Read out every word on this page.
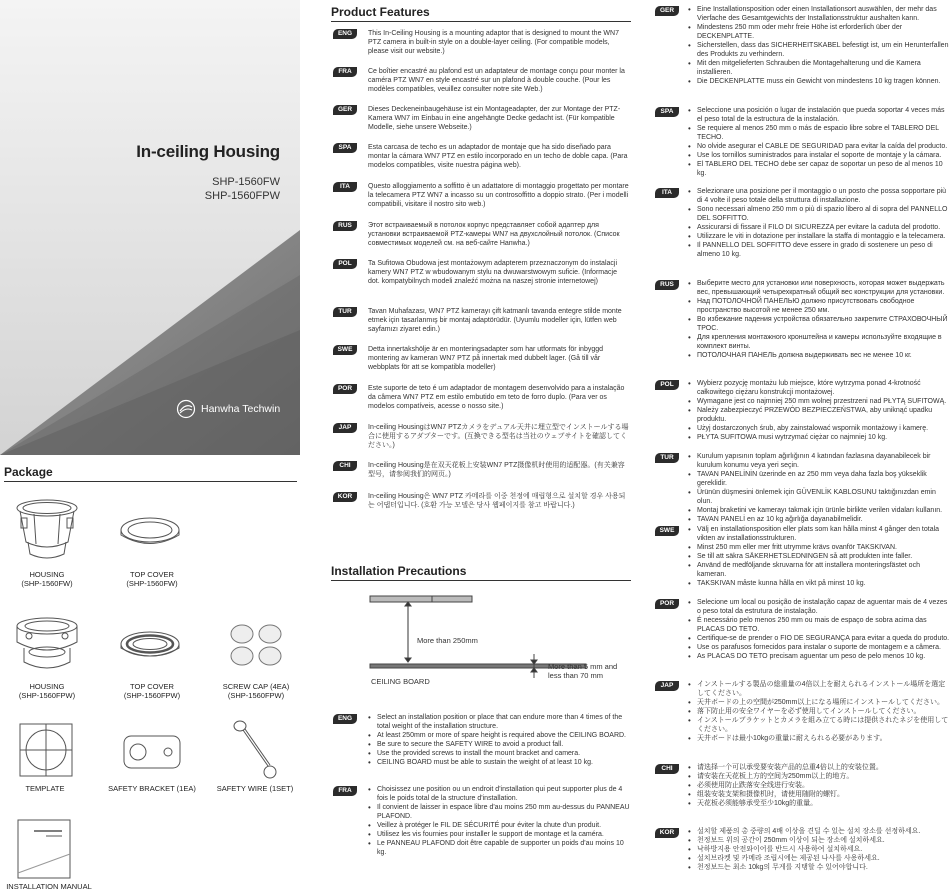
In-ceiling Housing
SHP-1560FW
SHP-1560FPW
Hanwha Techwin
Package
HOUSING
(SHP-1560FW)
TOP COVER
(SHP-1560FW)
HOUSING
(SHP-1560FPW)
TOP COVER
(SHP-1560FPW)
SCREW CAP (4EA)
(SHP-1560FPW)
TEMPLATE	SAFETY BRACKET (1EA)	SAFETY WIRE (1SET)
INSTALLATION MANUAL
Product Features
ENG	This In-Ceiling Housing is a mounting adaptor that is designed to mount the WN7 PTZ camera in built-in style on a double-layer ceiling. (For compatible models, please visit our website.)
FRA	Ce boîtier encastré au plafond est un adaptateur de montage conçu pour monter la caméra PTZ WN7 en style encastré sur un plafond à double couche. (Pour les modèles compatibles, veuillez consulter notre site Web.)
GER	Dieses Deckeneinbaugehäuse ist ein Montageadapter, der zur Montage der PTZ-Kamera WN7 im Einbau in eine angehängte Decke gedacht ist. (Für kompatible Modelle, siehe unsere Webseite.)
SPA	Esta carcasa de techo es un adaptador de montaje que ha sido diseñado para montar la cámara WN7 PTZ en estilo incorporado en un techo de doble capa. (Para modelos compatibles, visite nuestra página web).
ITA	Questo alloggiamento a soffitto è un adattatore di montaggio progettato per montare la telecamera PTZ WN7 a incasso su un controsoffitto a doppio strato. (Per i modelli compatibili, visitare il nostro sito web.)
RUS	Этот встраиваемый в потолок корпус представляет собой адаптер для установки встраиваемой PTZ-камеры WN7 на двухслойный потолок. (Список совместимых моделей см. на веб-сайте Hanwha.)
POL	Ta Sufitowa Obudowa jest montażowym adapterem przeznaczonym do instalacji kamery WN7 PTZ w wbudowanym stylu na dwuwarstwowym suficie. (Informacje dot. kompatybilnych modeli znaleźć można na naszej stronie internetowej)
TUR	Tavan Muhafazası, WN7 PTZ kamerayı çift katmanlı tavanda entegre stilde monte etmek için tasarlanmış bir montaj adaptörüdür. (Uyumlu modeller için, lütfen web sayfamızı ziyaret edin.)
SWE	Detta innertakshölje är en monteringsadapter som har utformats för inbyggd montering av kameran WN7 PTZ på innertak med dubbelt lager. (Gå till vår webbplats för att se kompatibla modeller)
POR	Este suporte de teto é um adaptador de montagem desenvolvido para a instalação da câmera WN7 PTZ em estilo embutido em teto de forro duplo. (Para ver os modelos compatíveis, acesse o nosso site.)
JAP	In-ceiling HousingはWN7 PTZカメラをデュアル天井に埋立型でインストールする場合に使用するアダプターです。(互換できる型名は当社のウェブサイトを確認してください。)
CHI	In-ceiling Housing是在双天花板上安装WN7 PTZ摄像机时使用的适配器。(有关兼容型号，请参阅我们的网页。)
KOR	In-ceiling Housing은 WN7 PTZ 카메라를 이중 천정에 매립형으로 설치할 경우 사용되는 어댑터입니다. (호환 가능 모델은 당사 웹페이지를 참고 바랍니다.)
Installation Precautions
More than 250mm
CEILING BOARD
More than 5 mm and
less than 70 mm
ENG	• Select an installation position or place that can endure more than 4 times of the total weight of the installation structure.
• At least 250mm or more of spare height is required above the CEILING BOARD.
• Be sure to secure the SAFETY WIRE to avoid a product fall.
• Use the provided screws to install the mount bracket and camera.
• CEILING BOARD must be able to sustain the weight of at least 10 kg.
FRA	• Choisissez une position ou un endroit d'installation qui peut supporter plus de 4 fois le poids total de la structure d'installation.
• Il convient de laisser in espace libre d'au moins 250 mm au-dessus du PANNEAU PLAFOND.
• Veillez à protéger le FIL DE SÉCURITÉ pour éviter la chute d'un produit.
• Utilisez les vis fournies pour installer le support de montage et la caméra.
• Le PANNEAU PLAFOND doit être capable de supporter un poids d'au moins 10 kg.
GER	• Eine Installationsposition oder einen Installationsort auswählen, der mehr das Vierfache des Gesamtgewichts der Installationsstruktur aushalten kann.
• Mindestens 250 mm oder mehr freie Höhe ist erforderlich über der DECKENPLATTE.
• Sicherstellen, dass das SICHERHEITSKABEL befestigt ist, um ein Herunterfallen des Produkts zu verhindern.
• Mit den mitgelieferten Schrauben die Montagehalterung und die Kamera installieren.
• Die DECKENPLATTE muss ein Gewicht von mindestens 10 kg tragen können.
SPA	• Seleccione una posición o lugar de instalación que pueda soportar 4 veces más el peso total de la estructura de la instalación.
• Se requiere al menos 250 mm o más de espacio libre sobre el TABLERO DEL TECHO.
• No olvide asegurar el CABLE DE SEGURIDAD para evitar la caída del producto.
• Use los tornillos suministrados para instalar el soporte de montaje y la cámara.
• El TABLERO DEL TECHO debe ser capaz de soportar un peso de al menos 10 kg.
ITA	• Selezionare una posizione per il montaggio o un posto che possa sopportare più di 4 volte il peso totale della struttura di installazione.
• Sono necessari almeno 250 mm o più di spazio libero al di sopra del PANNELLO DEL SOFFITTO.
• Assicurarsi di fissare il FILO DI SICUREZZA per evitare la caduta del prodotto.
• Utilizzare le viti in dotazione per installare la staffa di montaggio e la telecamera.
• Il PANNELLO DEL SOFFITTO deve essere in grado di sostenere un peso di almeno 10 kg.
RUS	• Выберите место для установки или поверхность, которая может выдержать вес, превышающий четырехкратный общий вес конструкции для установки.
• Над ПОТОЛОЧНОЙ ПАНЕЛЬЮ должно присутствовать свободное пространство высотой не менее 250 мм.
• Во избежание падения устройства обязательно закрепите СТРАХОВОЧНЫЙ ТРОС.
• Для крепления монтажного кронштейна и камеры используйте входящие в комплект винты.
• ПОТОЛОЧНАЯ ПАНЕЛЬ должна выдерживать вес не менее 10 кг.
POL	• Wybierz pozycję montażu lub miejsce, które wytrzyma ponad 4-krotność całkowitego ciężaru konstrukcji montażowej.
• Wymagane jest co najmniej 250 mm wolnej przestrzeni nad PŁYTĄ SUFITOWĄ.
• Należy zabezpieczyć PRZEWÓD BEZPIECZEŃSTWA, aby uniknąć upadku produktu.
• Użyj dostarczonych śrub, aby zainstalować wspornik montażowy i kamerę.
• PŁYTA SUFITOWA musi wytrzymać ciężar co najmniej 10 kg.
TUR	• Kurulum yapısının toplam ağırlığının 4 katından fazlasına dayanabilecek bir kurulum konumu veya yeri seçin.
• TAVAN PANELİNİN üzerinde en az 250 mm veya daha fazla boş yükseklik gereklidir.
• Ürünün düşmesini önlemek için GÜVENLİK KABLOSUNU taktığınızdan emin olun.
• Montaj braketini ve kamerayı takmak için ürünle birlikte verilen vidaları kullanın.
• TAVAN PANELİ en az 10 kg ağırlığa dayanabilmelidir.
SWE	• Välj en installationsposition eller plats som kan hålla minst 4 gånger den totala vikten av installationsstrukturen.
• Minst 250 mm eller mer fritt utrymme krävs ovanför TAKSKIVAN.
• Se till att säkra SÄKERHETSLEDNINGEN så att produkten inte faller.
• Använd de medföljande skruvarna för att installera monteringsfästet och kameran.
• TAKSKIVAN måste kunna hålla en vikt på minst 10 kg.
POR	• Selecione um local ou posição de instalação capaz de aguentar mais de 4 vezes o peso total da estrutura de instalação.
• É necessário pelo menos 250 mm ou mais de espaço de sobra acima das PLACAS DO TETO.
• Certifique-se de prender o FIO DE SEGURANÇA para evitar a queda do produto.
• Use os parafusos fornecidos para instalar o suporte de montagem e a câmera.
• As PLACAS DO TETO precisam aguentar um peso de pelo menos 10 kg.
JAP	• インストールする製品の総重量の4倍以上を耐えられるインストール場所を選定してください。
• 天井ボードの上の空間が250mm以上になる場所にインストールしてください。
• 落下防止用の安全ワイヤーを必ず使用してインストールしてください。
• インストールブラケットとカメラを組み立てる時には提供されたネジを使用してください。
• 天井ボードは最小10kgの重量に耐えられる必要があります。
CHI	• 请选择一个可以承受要安装产品的总重4倍以上的安装位置。
• 请安装在天花板上方的空间为250mm以上的地方。
• 必须使用防止跌落安全线进行安装。
• 组装安装支架和摄像机时，请使用随附的螺钉。
• 天花板必须能够承受至少10kg的重量。
KOR	• 설치할 제품의 총 중량의 4배 이상을 견딜 수 있는 설치 장소를 선정하세요.
• 천정보드 위의 공간이 250mm 이상이 되는 장소에 설치하세요.
• 낙하방지용 안전와이어를 반드시 사용하여 설치하세요.
• 설치브라켓 및 카메라 조립시에는 제공된 나사를 사용하세요.
• 천정보드는 최소 10kg의 무게를 지탱할 수 있어야합니다.
